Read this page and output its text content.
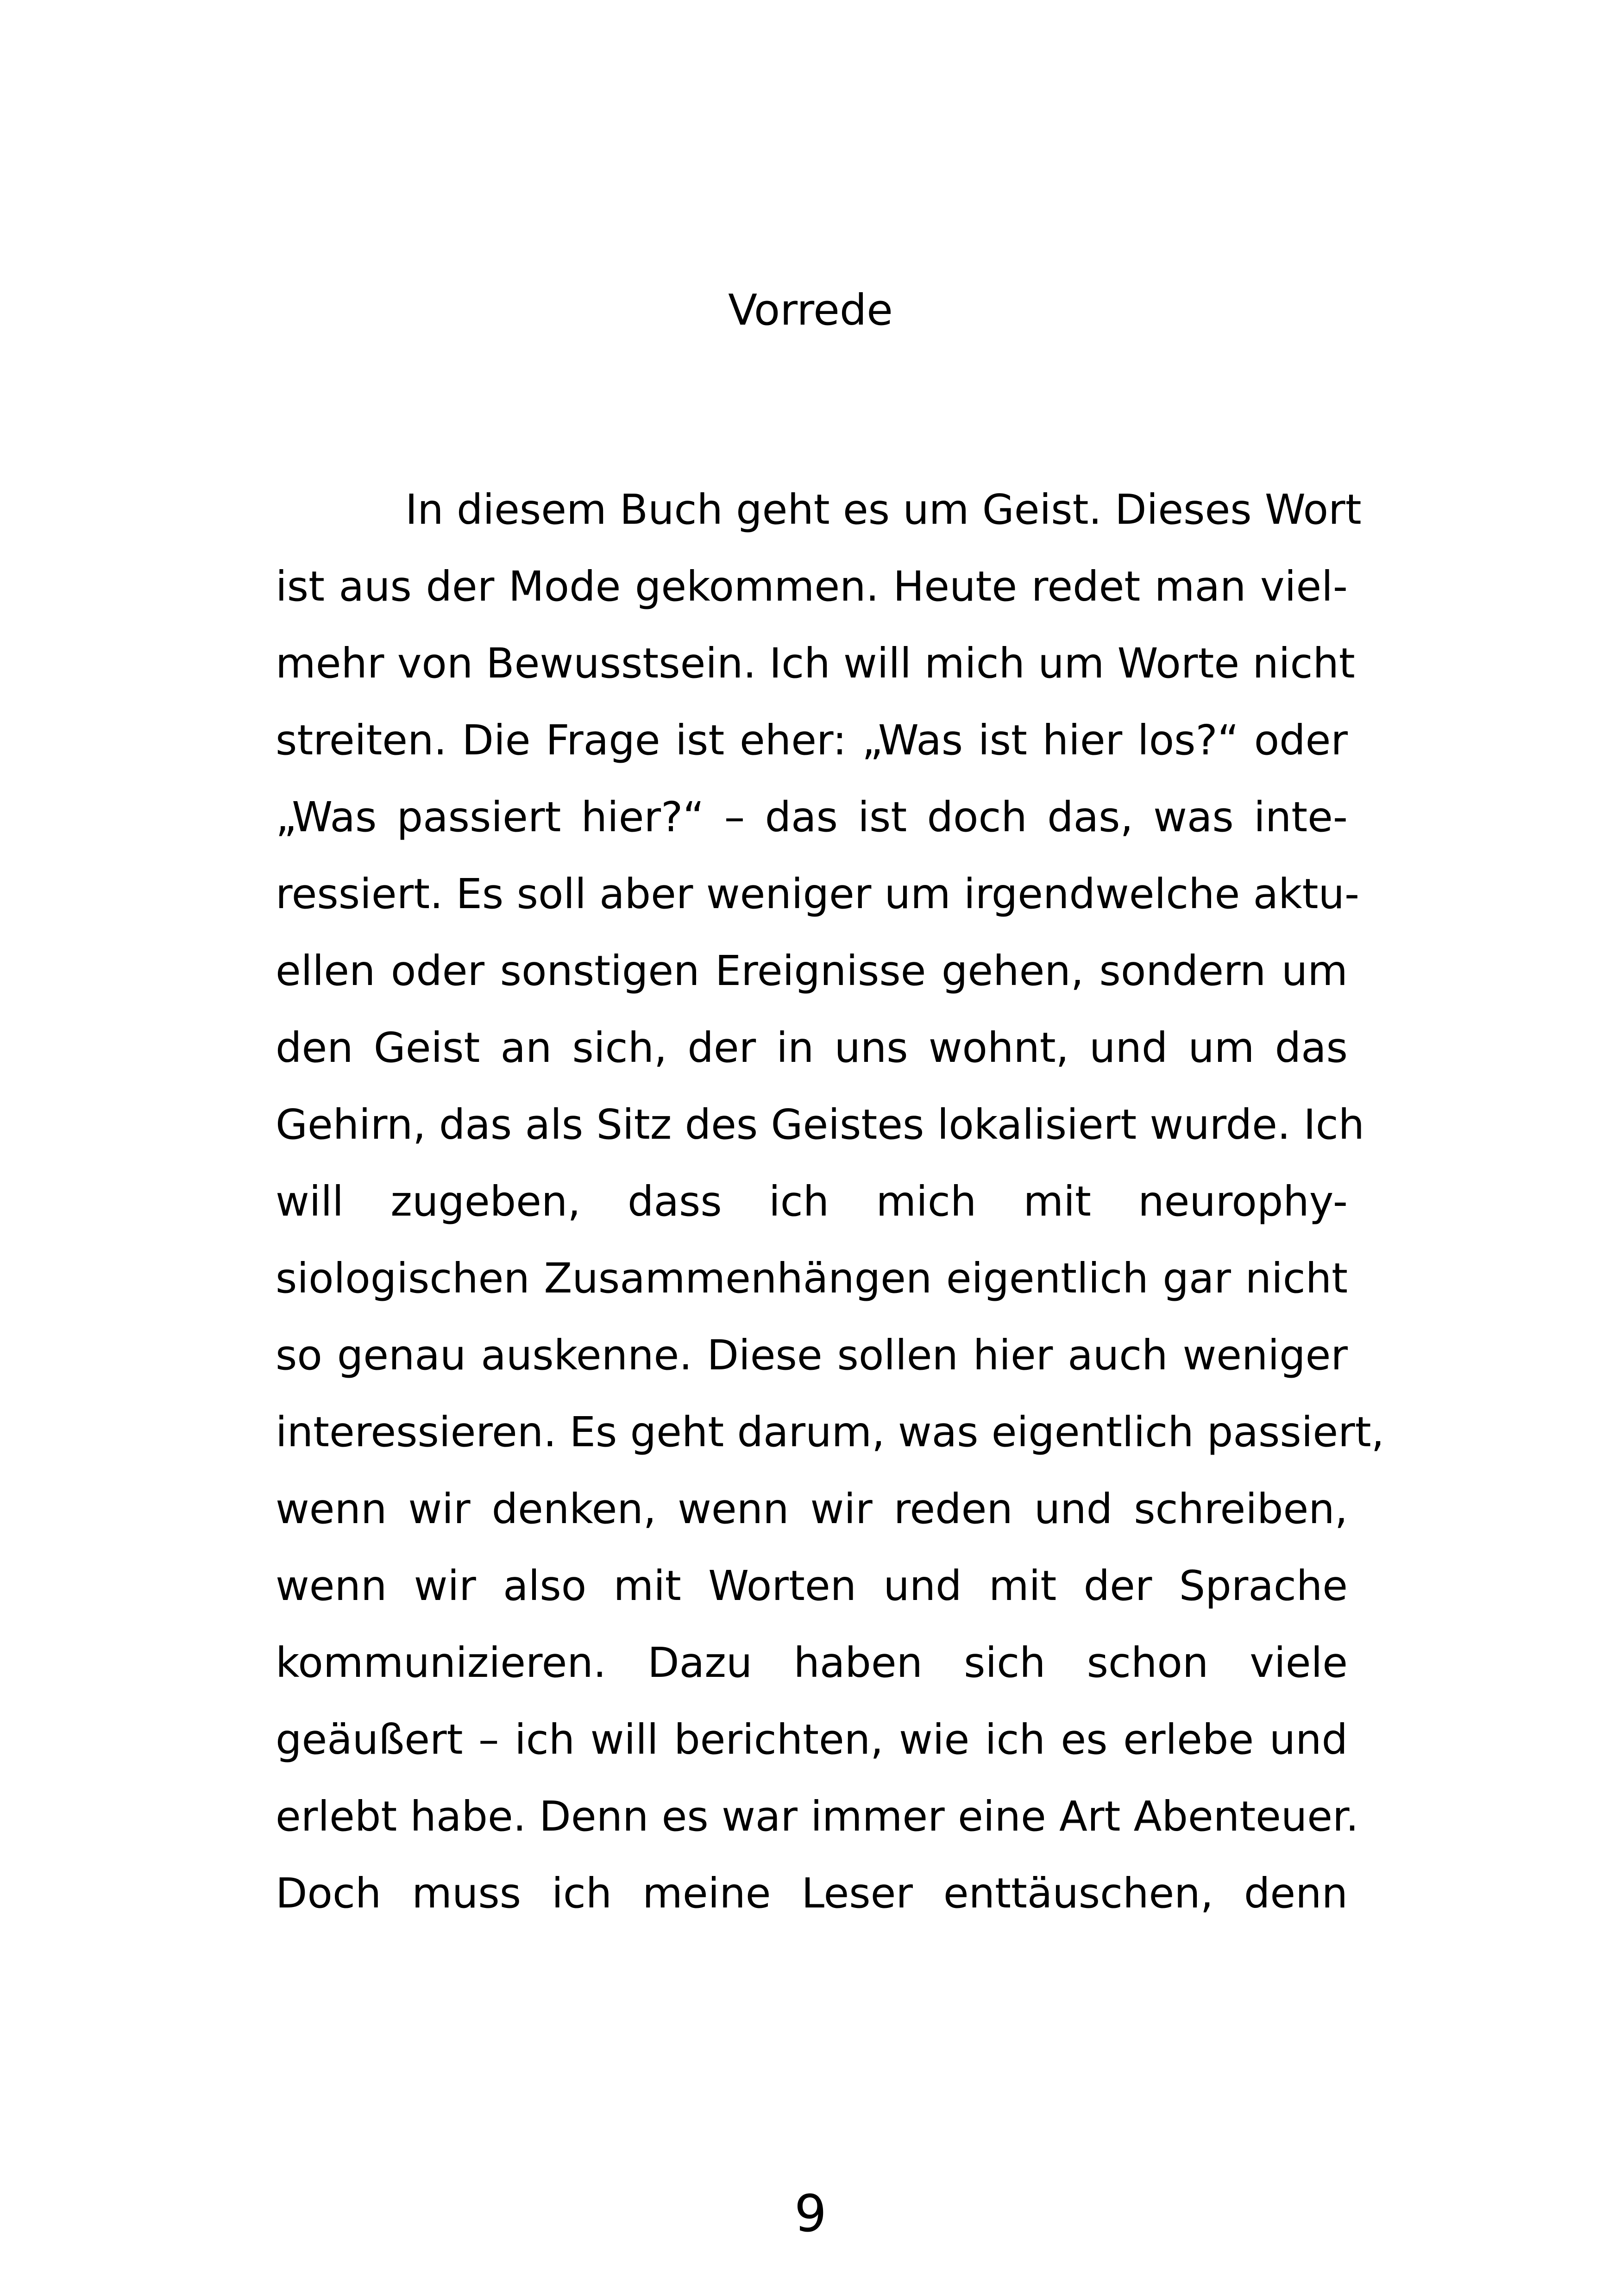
Vorrede
In diesem Buch geht es um Geist. Dieses Wort
ist aus der Mode gekommen. Heute redet man viel-
mehr von Bewusstsein. Ich will mich um Worte nicht
streiten. Die Frage ist eher: „Was ist hier los?“ oder
„Was passiert hier?“ – das ist doch das, was inte-
ressiert. Es soll aber weniger um irgendwelche aktu-
ellen oder sonstigen Ereignisse gehen, sondern um
den Geist an sich, der in uns wohnt, und um das
Gehirn, das als Sitz des Geistes lokalisiert wurde. Ich
will zugeben, dass ich mich mit neurophy-
siologischen Zusammenhängen eigentlich gar nicht
so genau auskenne. Diese sollen hier auch weniger
interessieren. Es geht darum, was eigentlich passiert,
wenn wir denken, wenn wir reden und schreiben,
wenn wir also mit Worten und mit der Sprache
kommunizieren. Dazu haben sich schon viele
geäußert – ich will berichten, wie ich es erlebe und
erlebt habe. Denn es war immer eine Art Abenteuer.
Doch muss ich meine Leser enttäuschen, denn
9
